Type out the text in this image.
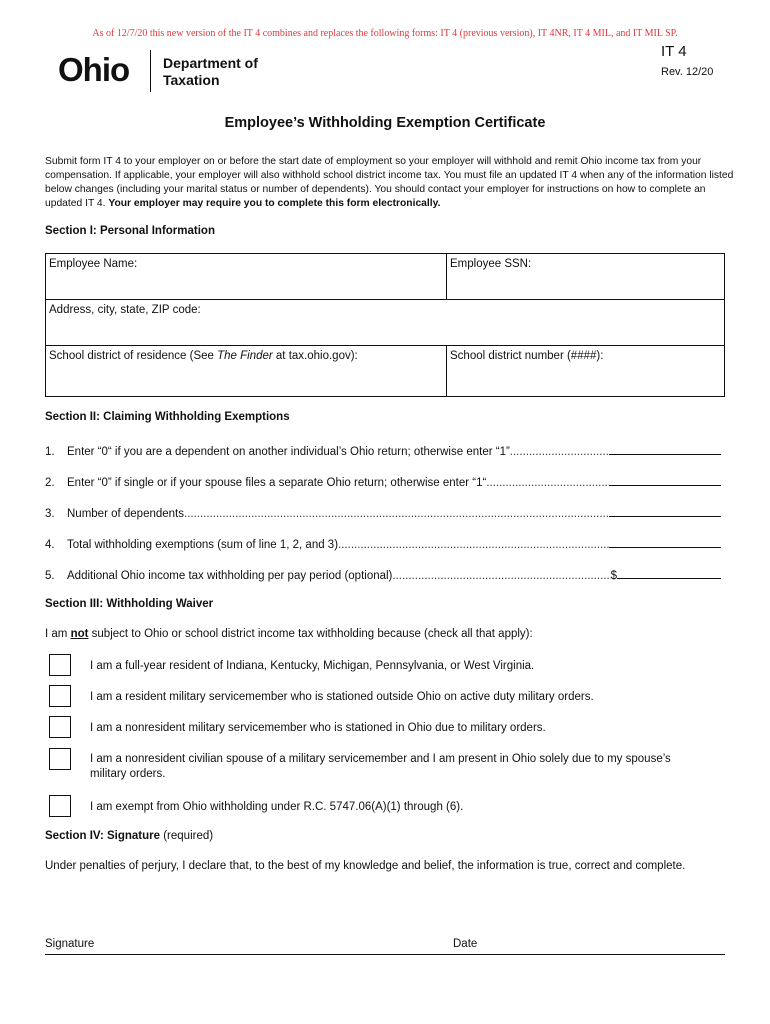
As of 12/7/20 this new version of the IT 4 combines and replaces the following forms: IT 4 (previous version), IT 4NR, IT 4 MIL, and IT MIL SP.
Ohio Department of
Taxation
IT 4
Rev. 12/20
Employee’s Withholding Exemption Certificate
Submit form IT 4 to your employer on or before the start date of employment so your employer will withhold and remit Ohio income tax from your compensation. If applicable, your employer will also withhold school district income tax. You must file an updated IT 4 when any of the information listed below changes (including your marital status or number of dependents). You should contact your employer for instructions on how to complete an updated IT 4. Your employer may require you to complete this form electronically.
Section I: Personal Information
Employee Name:	Employee SSN:
Address, city, state, ZIP code:
School district of residence (See The Finder at tax.ohio.gov):	School district number (####):
Section II: Claiming Withholding Exemptions
1.	Enter “0“ if you are a dependent on another individual’s Ohio return; otherwise enter “1”
.....
2.	Enter “0” if single or if your spouse files a separate Ohio return; otherwise enter “1“
.....
3.	Number of dependents
.....
4.	Total withholding exemptions (sum of line 1, 2, and 3)
.....
5.	Additional Ohio income tax withholding per pay period (optional)
.....	$
Section III: Withholding Waiver
I am not subject to Ohio or school district income tax withholding because (check all that apply):
I am a full-year resident of Indiana, Kentucky, Michigan, Pennsylvania, or West Virginia.
I am a resident military servicemember who is stationed outside Ohio on active duty military orders.
I am a nonresident military servicemember who is stationed in Ohio due to military orders.
I am a nonresident civilian spouse of a military servicemember and I am present in Ohio solely due to my spouse’s military orders.
I am exempt from Ohio withholding under R.C. 5747.06(A)(1) through (6).
Section IV: Signature (required)
Under penalties of perjury, I declare that, to the best of my knowledge and belief, the information is true, correct and complete.
Signature	Date
